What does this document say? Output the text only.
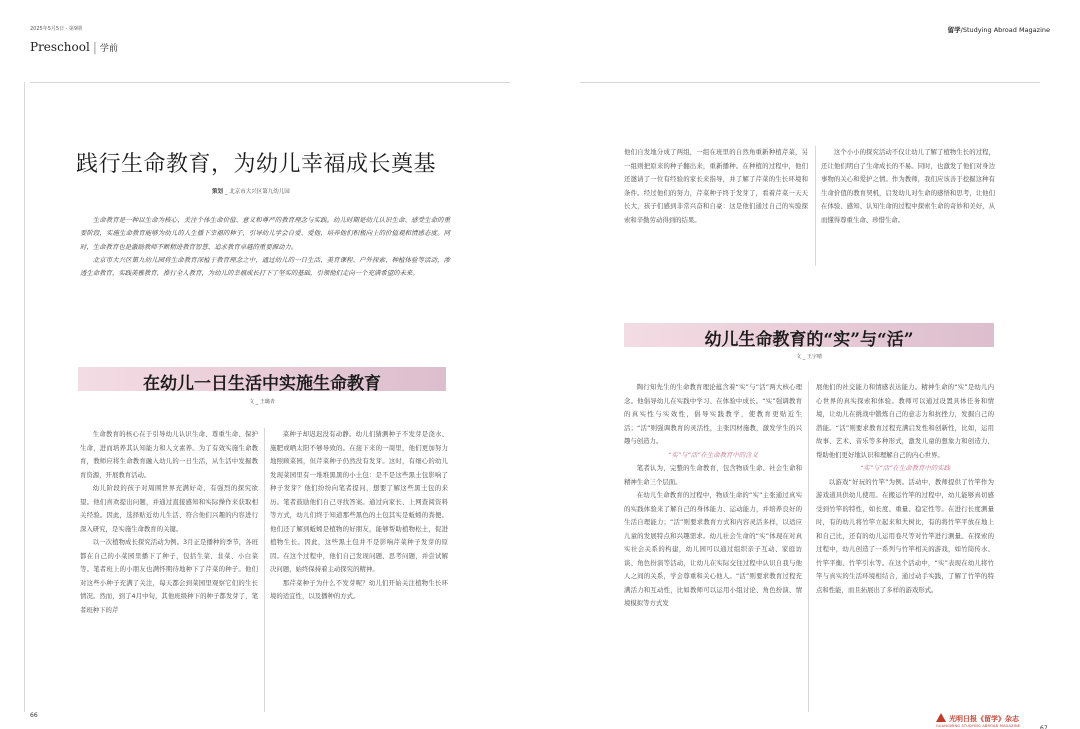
2025年5月5日 · 第9期
Preschool | 学前
践行生命教育，为幼儿幸福成长奠基
策划 _ 北京市大兴区第九幼儿园

生命教育是一种以生命为核心，关注个体生命价值、意义和尊严的教育理念与实践。幼儿时期是幼儿认识生命、感受生命的重要阶段，实施生命教育能够为幼儿的人生播下幸福的种子，引导幼儿学会自爱、爱他，培养他们积极向上的价值观和情感态度。同时，生命教育也是激励教师不断精进教育智慧、追求教育卓越的重要源动力。

北京市大兴区第九幼儿园将生命教育深植于教育理念之中，通过幼儿的一日生活、美育课程、户外探索、种植体验等活动，渗透生命教育，实践美雅教育，推行全人教育，为幼儿的幸福成长打下了坚实的基础，引领他们走向一个充满希望的未来。

在幼儿一日生活中实施生命教育
文 _ 王璐青

生命教育的核心在于引导幼儿认识生命、尊重生命、保护生命，进而培养其认知能力和人文素养。为了有效实施生命教育，教师应将生命教育融入幼儿的一日生活，从生活中发掘教育资源，开展教育活动。

幼儿阶段的孩子对周围世界充满好奇，有强烈的探究欲望。他们喜欢提出问题，并通过直接感知和实际操作来获取相关经验。因此，选择贴近幼儿生活、符合他们兴趣的内容进行深入研究，是实施生命教育的关键。

以一次植物成长探究活动为例。3月正是播种的季节，各班都在自己的小菜园里播下了种子，包括生菜、韭菜、小白菜等。笔者班上的小朋友也满怀期待地种下了芹菜的种子。他们对这些小种子充满了关注，每天都会到菜园里观察它们的生长情况。然而，到了4月中旬，其他班级种下的种子都发芽了，笔者班种下的芹

菜种子却迟迟没有动静。幼儿们猜测种子不发芽是浇水、施肥或晒太阳不够导致的。在接下来的一周里，他们更加努力地照顾菜园，但芹菜种子仍然没有发芽。这时，有细心的幼儿发现菜园里有一堆堆黑黑的小土包：是不是这些黑土包影响了种子发芽？他们纷纷向笔者提问，想要了解这些黑土包的来历。笔者鼓励他们自己寻找答案。通过向家长、上网查阅资料等方式，幼儿们终于知道那些黑色的土包其实是蚯蚓的粪便。他们还了解到蚯蚓是植物的好朋友，能够帮助植物松土，促进植物生长。因此，这些黑土包并不是影响芹菜种子发芽的原因。在这个过程中，他们自己发现问题、思考问题，并尝试解决问题，始终保持着主动探究的精神。

那芹菜种子为什么不发芽呢？幼儿们开始关注植物生长环境的适宜性，以及播种的方式。

66
留学/Studying Abroad Magazine

他们自发地分成了两组，一组在班里的自然角重新种植芹菜，另一组则把原来的种子翻出来，重新播种。在种植的过程中，他们还邀请了一位有经验的家长来指导，并了解了芹菜的生长环境和条件。经过他们的努力，芹菜种子终于发芽了，看着芹菜一天天长大，孩子们感到非常兴奋和自豪：这是他们通过自己的实验探索和辛勤劳动得到的结果。

这个小小的探究活动不仅让幼儿了解了植物生长的过程，还让他们明白了生命成长的不易。同时，也激发了他们对身边事物的关心和爱护之情。作为教师，我们应该善于挖掘这种有生命价值的教育契机，启发幼儿对生命的感悟和思考，让他们在体验、感知、认知生命的过程中探索生命的奇妙和美好，从而懂得尊重生命、珍惜生命。

幼儿生命教育的“实”与“活”
文 _ 王宇晴

陶行知先生的生命教育理论蕴含着“实”与“活”两大核心理念。他倡导幼儿在实践中学习、在体验中成长。“实”强调教育的真实性与实效性，倡导实践教学，使教育更贴近生活；“活”则强调教育的灵活性，主张因材施教，激发学生的兴趣与创造力。

“实”与“活”在生命教育中的含义

笔者认为，完整的生命教育，包含物质生命、社会生命和精神生命三个层面。

在幼儿生命教育的过程中，物质生命的“实”主张通过真实的实践体验来了解自己的身体能力、运动能力，并培养良好的生活自理能力；“活”则要求教育方式和内容灵活多样，以适应儿童的发展特点和兴趣需求。幼儿社会生命的“实”体现在对真实社会关系的构建，幼儿园可以通过组织亲子互动、家庭访谈、角色扮演等活动，让幼儿在实际交往过程中认识自我与他人之间的关系，学会尊重和关心他人。“活”则要求教育过程充满活力和互动性，比如教师可以运用小组讨论、角色扮演、情境模拟等方式发

展他们的社交能力和情感表达能力。精神生命的“实”是幼儿内心世界的真实探索和体验。教师可以通过设置具体任务和情境，让幼儿在挑战中锻炼自己的意志力和抗挫力，发掘自己的潜能。“活”则要求教育过程充满启发性和创新性，比如，运用故事、艺术、音乐等多种形式，激发儿童的想象力和创造力，帮助他们更好地认识和理解自己的内心世界。

“实”与“活”在生命教育中的实践

以游戏“好玩的竹竿”为例。活动中，教师提供了竹竿作为游戏道具供幼儿使用。在搬运竹竿的过程中，幼儿能够真切感受到竹竿的特性，如长度、重量、稳定性等。在进行长度测量时，有的幼儿将竹竿立起来和大树比，有的将竹竿平放在地上和自己比，还有的幼儿运用卷尺等对竹竿进行测量。在探索的过程中，幼儿创造了一系列与竹竿相关的游戏，如竹筒传水、竹竿平衡、竹竿引水等。在这个活动中，“实”表现在幼儿将竹竿与真实的生活环境相结合，通过动手实践，了解了竹竿的特点和性能，而且拓展出了多样的游戏形式。

光明日报《留学》杂志
GUANGMING STUDYING ABROAD MAGAZINE	67
